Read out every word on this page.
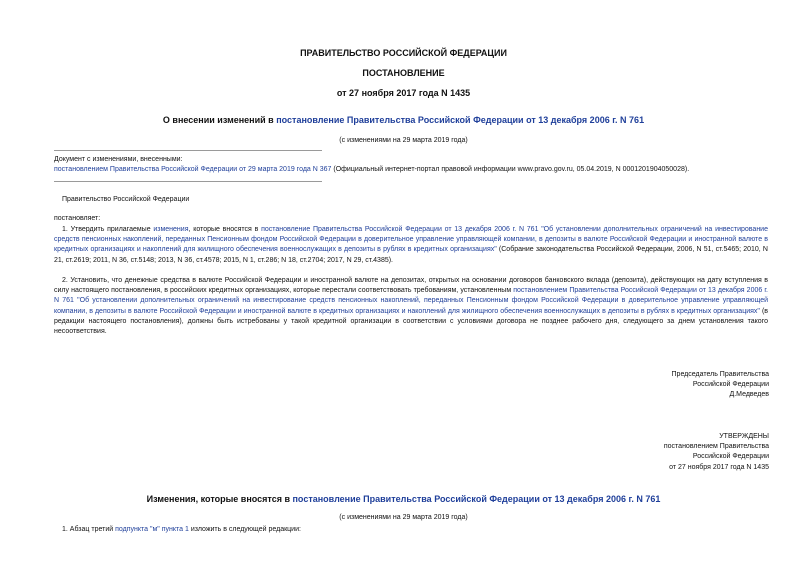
ПРАВИТЕЛЬСТВО РОССИЙСКОЙ ФЕДЕРАЦИИ
ПОСТАНОВЛЕНИЕ
от 27 ноября 2017 года N 1435
О внесении изменений в постановление Правительства Российской Федерации от 13 декабря 2006 г. N 761
(с изменениями на 29 марта 2019 года)
Документ с изменениями, внесенными:
постановлением Правительства Российской Федерации от 29 марта 2019 года N 367 (Официальный интернет-портал правовой информации www.pravo.gov.ru, 05.04.2019, N 0001201904050028).
Правительство Российской Федерации
постановляет:
1. Утвердить прилагаемые изменения, которые вносятся в постановление Правительства Российской Федерации от 13 декабря 2006 г. N 761 "Об установлении дополнительных ограничений на инвестирование средств пенсионных накоплений, переданных Пенсионным фондом Российской Федерации в доверительное управление управляющей компании, в депозиты в валюте Российской Федерации и иностранной валюте в кредитных организациях и накоплений для жилищного обеспечения военнослужащих в депозиты в рублях в кредитных организациях" (Собрание законодательства Российской Федерации, 2006, N 51, ст.5465; 2010, N 21, ст.2619; 2011, N 36, ст.5148; 2013, N 36, ст.4578; 2015, N 1, ст.286; N 18, ст.2704; 2017, N 29, ст.4385).
2. Установить, что денежные средства в валюте Российской Федерации и иностранной валюте на депозитах, открытых на основании договоров банковского вклада (депозита), действующих на дату вступления в силу настоящего постановления, в российских кредитных организациях, которые перестали соответствовать требованиям, установленным постановлением Правительства Российской Федерации от 13 декабря 2006 г. N 761 "Об установлении дополнительных ограничений на инвестирование средств пенсионных накоплений, переданных Пенсионным фондом Российской Федерации в доверительное управление управляющей компании, в депозиты в валюте Российской Федерации и иностранной валюте в кредитных организациях и накоплений для жилищного обеспечения военнослужащих в депозиты в рублях в кредитных организациях" (в редакции настоящего постановления), должны быть истребованы у такой кредитной организации в соответствии с условиями договора не позднее рабочего дня, следующего за днем установления такого несоответствия.
Председатель Правительства
Российской Федерации
Д.Медведев
УТВЕРЖДЕНЫ
постановлением Правительства
Российской Федерации
от 27 ноября 2017 года N 1435
Изменения, которые вносятся в постановление Правительства Российской Федерации от 13 декабря 2006 г. N 761
(с изменениями на 29 марта 2019 года)
1. Абзац третий подпункта "м" пункта 1 изложить в следующей редакции:
